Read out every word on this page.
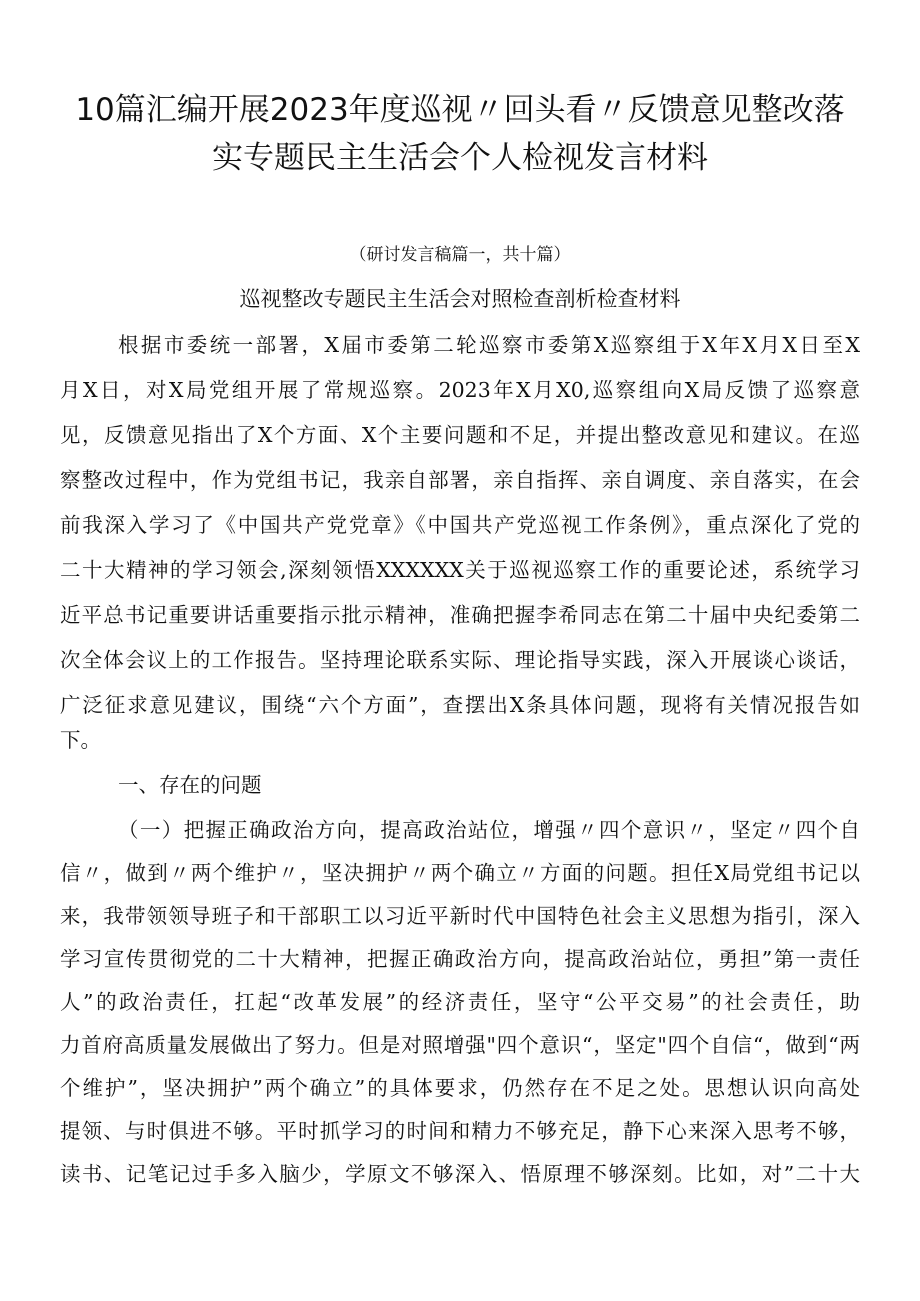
10篇汇编开展2023年度巡视〃回头看〃反馈意见整改落
实专题民主生活会个人检视发言材料
（研讨发言稿篇一，共十篇）
巡视整改专题民主生活会对照检查剖析检查材料
根据市委统一部署，X届市委第二轮巡察市委第X巡察组于X年X月X日至X
月X日，对X局党组开展了常规巡察。2023年X月X0,巡察组向X局反馈了巡察意
见，反馈意见指出了X个方面、X个主要问题和不足，并提出整改意见和建议。在巡
察整改过程中，作为党组书记，我亲自部署，亲自指挥、亲自调度、亲自落实，在会
前我深入学习了《中国共产党党章》《中国共产党巡视工作条例》，重点深化了党的
二十大精神的学习领会,深刻领悟XXXXXX关于巡视巡察工作的重要论述，系统学习
近平总书记重要讲话重要指示批示精神，准确把握李希同志在第二十届中央纪委第二
次全体会议上的工作报告。坚持理论联系实际、理论指导实践，深入开展谈心谈话，
广泛征求意见建议，围绕“六个方面”，查摆出X条具体问题，现将有关情况报告如
下。
一、存在的问题
（一）把握正确政治方向，提高政治站位，增强〃四个意识〃，坚定〃四个自
信〃，做到〃两个维护〃，坚决拥护〃两个确立〃方面的问题。担任X局党组书记以
来，我带领领导班子和干部职工以习近平新时代中国特色社会主义思想为指引，深入
学习宣传贯彻党的二十大精神，把握正确政治方向，提高政治站位，勇担”第一责任
人”的政治责任，扛起“改革发展”的经济责任，坚守“公平交易”的社会责任，助
力首府高质量发展做出了努力。但是对照增强"四个意识“，坚定"四个自信“，做到“两
个维护”，坚决拥护”两个确立”的具体要求，仍然存在不足之处。思想认识向高处
提领、与时俱进不够。平时抓学习的时间和精力不够充足，静下心来深入思考不够，
读书、记笔记过手多入脑少，学原文不够深入、悟原理不够深刻。比如，对”二十大
